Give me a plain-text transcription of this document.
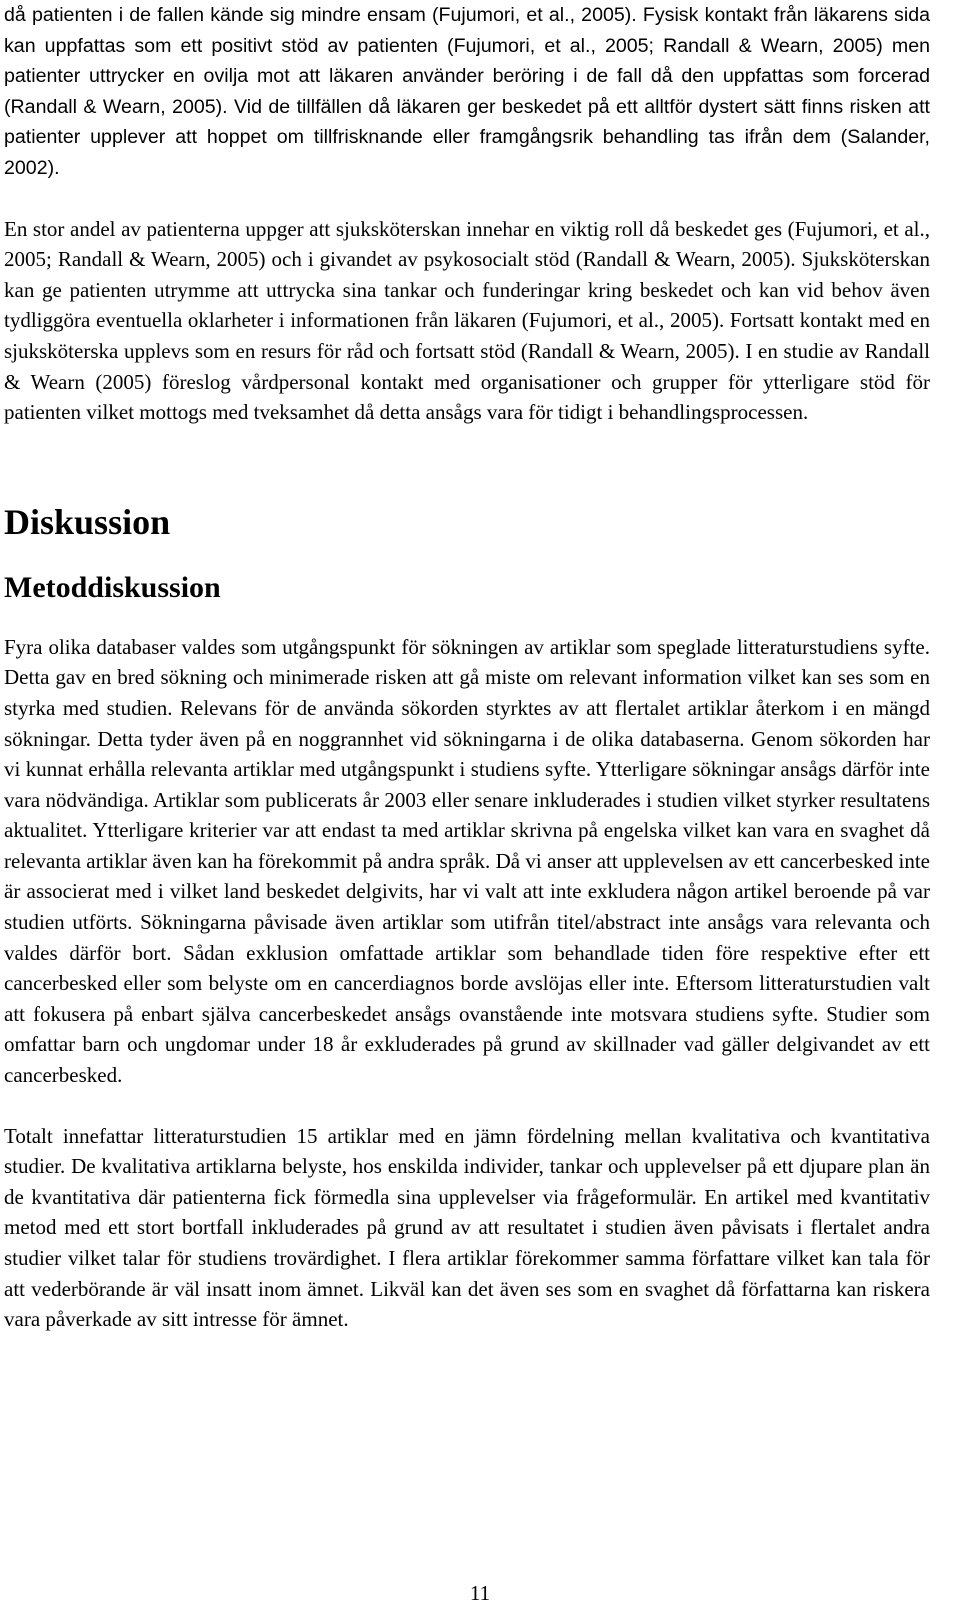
då patienten i de fallen kände sig mindre ensam (Fujumori, et al., 2005). Fysisk kontakt från läkarens sida kan uppfattas som ett positivt stöd av patienten (Fujumori, et al., 2005; Randall & Wearn, 2005) men patienter uttrycker en ovilja mot att läkaren använder beröring i de fall då den uppfattas som forcerad (Randall & Wearn, 2005). Vid de tillfällen då läkaren ger beskedet på ett alltför dystert sätt finns risken att patienter upplever att hoppet om tillfrisknande eller framgångsrik behandling tas ifrån dem (Salander, 2002).

En stor andel av patienterna uppger att sjuksköterskan innehar en viktig roll då beskedet ges (Fujumori, et al., 2005; Randall & Wearn, 2005) och i givandet av psykosocialt stöd (Randall & Wearn, 2005). Sjuksköterskan kan ge patienten utrymme att uttrycka sina tankar och funderingar kring beskedet och kan vid behov även tydliggöra eventuella oklarheter i informationen från läkaren (Fujumori, et al., 2005). Fortsatt kontakt med en sjuksköterska upplevs som en resurs för råd och fortsatt stöd (Randall & Wearn, 2005). I en studie av Randall & Wearn (2005) föreslog vårdpersonal kontakt med organisationer och grupper för ytterligare stöd för patienten vilket mottogs med tveksamhet då detta ansågs vara för tidigt i behandlingsprocessen.

Diskussion
Metoddiskussion

Fyra olika databaser valdes som utgångspunkt för sökningen av artiklar som speglade litteraturstudiens syfte. Detta gav en bred sökning och minimerade risken att gå miste om relevant information vilket kan ses som en styrka med studien. Relevans för de använda sökorden styrktes av att flertalet artiklar återkom i en mängd sökningar. Detta tyder även på en noggrannhet vid sökningarna i de olika databaserna. Genom sökorden har vi kunnat erhålla relevanta artiklar med utgångspunkt i studiens syfte. Ytterligare sökningar ansågs därför inte vara nödvändiga. Artiklar som publicerats år 2003 eller senare inkluderades i studien vilket styrker resultatens aktualitet. Ytterligare kriterier var att endast ta med artiklar skrivna på engelska vilket kan vara en svaghet då relevanta artiklar även kan ha förekommit på andra språk. Då vi anser att upplevelsen av ett cancerbesked inte är associerat med i vilket land beskedet delgivits, har vi valt att inte exkludera någon artikel beroende på var studien utförts. Sökningarna påvisade även artiklar som utifrån titel/abstract inte ansågs vara relevanta och valdes därför bort. Sådan exklusion omfattade artiklar som behandlade tiden före respektive efter ett cancerbesked eller som belyste om en cancerdiagnos borde avslöjas eller inte. Eftersom litteraturstudien valt att fokusera på enbart själva cancerbeskedet ansågs ovanstående inte motsvara studiens syfte. Studier som omfattar barn och ungdomar under 18 år exkluderades på grund av skillnader vad gäller delgivandet av ett cancerbesked.

Totalt innefattar litteraturstudien 15 artiklar med en jämn fördelning mellan kvalitativa och kvantitativa studier. De kvalitativa artiklarna belyste, hos enskilda individer, tankar och upplevelser på ett djupare plan än de kvantitativa där patienterna fick förmedla sina upplevelser via frågeformulär. En artikel med kvantitativ metod med ett stort bortfall inkluderades på grund av att resultatet i studien även påvisats i flertalet andra studier vilket talar för studiens trovärdighet. I flera artiklar förekommer samma författare vilket kan tala för att vederbörande är väl insatt inom ämnet. Likväl kan det även ses som en svaghet då författarna kan riskera vara påverkade av sitt intresse för ämnet.

11
